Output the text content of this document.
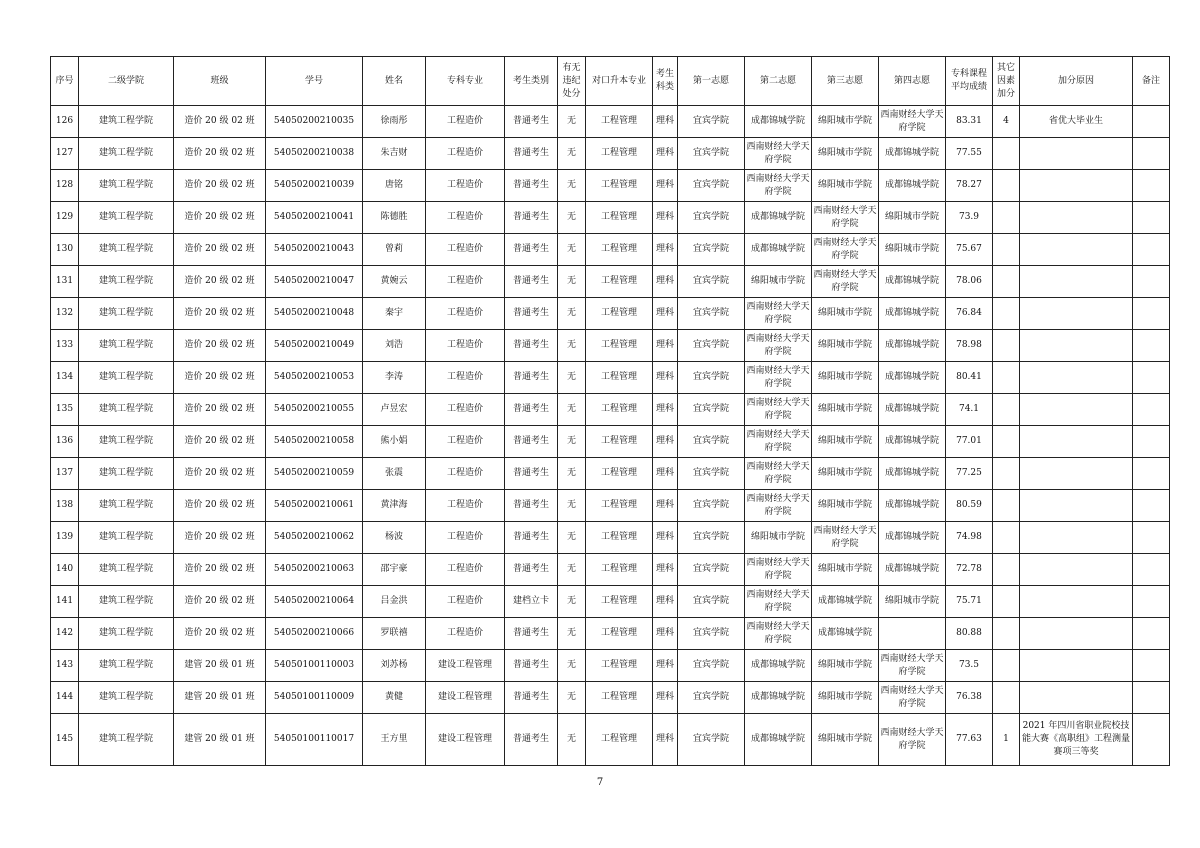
序号	二级学院	班级	学号	姓名	专科专业	考生类别	有无违纪处分	对口升本专业	考生科类	第一志愿	第二志愿	第三志愿	第四志愿	专科课程平均成绩	其它因素加分	加分原因	备注
126	建筑工程学院	造价 20 级 02 班	54050200210035	徐雨彤	工程造价	普通考生	无	工程管理	理科	宜宾学院	成都锦城学院	绵阳城市学院	西南财经大学天府学院	83.31	4	省优大毕业生	
127	建筑工程学院	造价 20 级 02 班	54050200210038	朱吉财	工程造价	普通考生	无	工程管理	理科	宜宾学院	西南财经大学天府学院	绵阳城市学院	成都锦城学院	77.55			
128	建筑工程学院	造价 20 级 02 班	54050200210039	唐铭	工程造价	普通考生	无	工程管理	理科	宜宾学院	西南财经大学天府学院	绵阳城市学院	成都锦城学院	78.27			
129	建筑工程学院	造价 20 级 02 班	54050200210041	陈德胜	工程造价	普通考生	无	工程管理	理科	宜宾学院	成都锦城学院	西南财经大学天府学院	绵阳城市学院	73.9			
130	建筑工程学院	造价 20 级 02 班	54050200210043	曾莉	工程造价	普通考生	无	工程管理	理科	宜宾学院	成都锦城学院	西南财经大学天府学院	绵阳城市学院	75.67			
131	建筑工程学院	造价 20 级 02 班	54050200210047	黄婉云	工程造价	普通考生	无	工程管理	理科	宜宾学院	绵阳城市学院	西南财经大学天府学院	成都锦城学院	78.06			
132	建筑工程学院	造价 20 级 02 班	54050200210048	秦宇	工程造价	普通考生	无	工程管理	理科	宜宾学院	西南财经大学天府学院	绵阳城市学院	成都锦城学院	76.84			
133	建筑工程学院	造价 20 级 02 班	54050200210049	刘浩	工程造价	普通考生	无	工程管理	理科	宜宾学院	西南财经大学天府学院	绵阳城市学院	成都锦城学院	78.98			
134	建筑工程学院	造价 20 级 02 班	54050200210053	李涛	工程造价	普通考生	无	工程管理	理科	宜宾学院	西南财经大学天府学院	绵阳城市学院	成都锦城学院	80.41			
135	建筑工程学院	造价 20 级 02 班	54050200210055	卢昱宏	工程造价	普通考生	无	工程管理	理科	宜宾学院	西南财经大学天府学院	绵阳城市学院	成都锦城学院	74.1			
136	建筑工程学院	造价 20 级 02 班	54050200210058	熊小娟	工程造价	普通考生	无	工程管理	理科	宜宾学院	西南财经大学天府学院	绵阳城市学院	成都锦城学院	77.01			
137	建筑工程学院	造价 20 级 02 班	54050200210059	张震	工程造价	普通考生	无	工程管理	理科	宜宾学院	西南财经大学天府学院	绵阳城市学院	成都锦城学院	77.25			
138	建筑工程学院	造价 20 级 02 班	54050200210061	黄津海	工程造价	普通考生	无	工程管理	理科	宜宾学院	西南财经大学天府学院	绵阳城市学院	成都锦城学院	80.59			
139	建筑工程学院	造价 20 级 02 班	54050200210062	杨波	工程造价	普通考生	无	工程管理	理科	宜宾学院	绵阳城市学院	西南财经大学天府学院	成都锦城学院	74.98			
140	建筑工程学院	造价 20 级 02 班	54050200210063	邵宇豪	工程造价	普通考生	无	工程管理	理科	宜宾学院	西南财经大学天府学院	绵阳城市学院	成都锦城学院	72.78			
141	建筑工程学院	造价 20 级 02 班	54050200210064	吕金洪	工程造价	建档立卡	无	工程管理	理科	宜宾学院	西南财经大学天府学院	成都锦城学院	绵阳城市学院	75.71			
142	建筑工程学院	造价 20 级 02 班	54050200210066	罗联禧	工程造价	普通考生	无	工程管理	理科	宜宾学院	西南财经大学天府学院	成都锦城学院		80.88			
143	建筑工程学院	建管 20 级 01 班	54050100110003	刘苏杨	建设工程管理	普通考生	无	工程管理	理科	宜宾学院	成都锦城学院	绵阳城市学院	西南财经大学天府学院	73.5			
144	建筑工程学院	建管 20 级 01 班	54050100110009	黄健	建设工程管理	普通考生	无	工程管理	理科	宜宾学院	成都锦城学院	绵阳城市学院	西南财经大学天府学院	76.38			
145	建筑工程学院	建管 20 级 01 班	54050100110017	王方里	建设工程管理	普通考生	无	工程管理	理科	宜宾学院	成都锦城学院	绵阳城市学院	西南财经大学天府学院	77.63	1	2021 年四川省职业院校技能大赛《高职组》工程测量赛项三等奖	
7
